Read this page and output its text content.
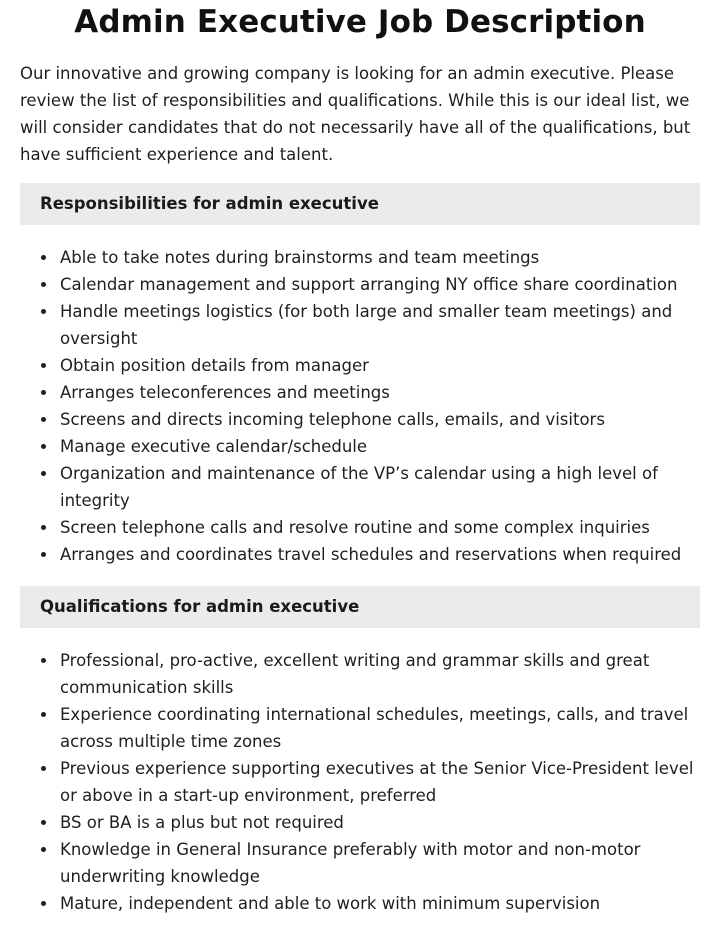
Admin Executive Job Description

Our innovative and growing company is looking for an admin executive. Please review the list of responsibilities and qualifications. While this is our ideal list, we will consider candidates that do not necessarily have all of the qualifications, but have sufficient experience and talent.

Responsibilities for admin executive
Able to take notes during brainstorms and team meetings
Calendar management and support arranging NY office share coordination
Handle meetings logistics (for both large and smaller team meetings) and oversight
Obtain position details from manager
Arranges teleconferences and meetings
Screens and directs incoming telephone calls, emails, and visitors
Manage executive calendar/schedule
Organization and maintenance of the VP’s calendar using a high level of integrity
Screen telephone calls and resolve routine and some complex inquiries
Arranges and coordinates travel schedules and reservations when required
Qualifications for admin executive
Professional, pro-active, excellent writing and grammar skills and great communication skills
Experience coordinating international schedules, meetings, calls, and travel across multiple time zones
Previous experience supporting executives at the Senior Vice-President level or above in a start-up environment, preferred
BS or BA is a plus but not required
Knowledge in General Insurance preferably with motor and non-motor underwriting knowledge
Mature, independent and able to work with minimum supervision
